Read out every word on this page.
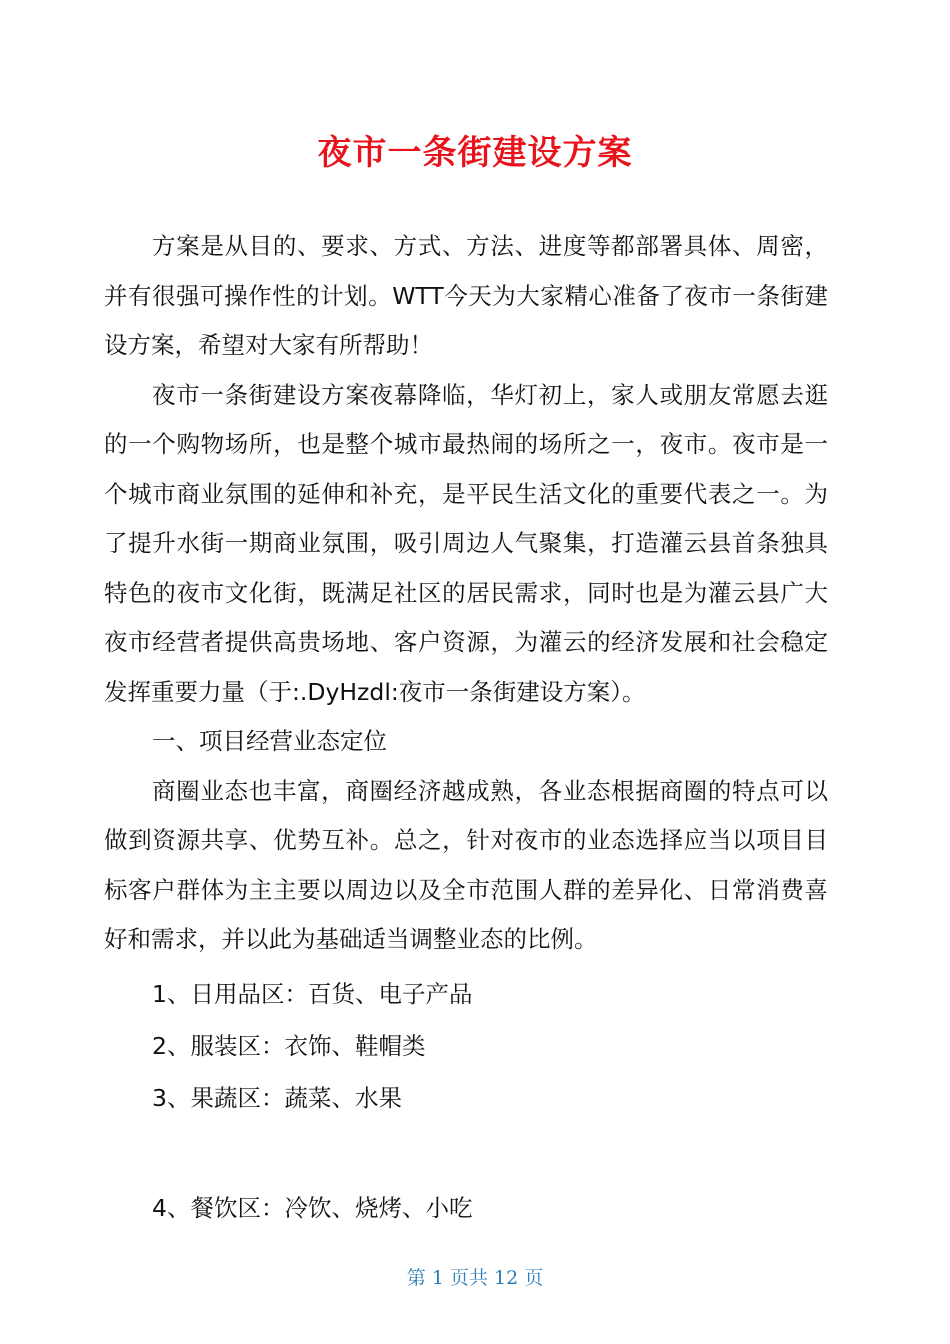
夜市一条街建设方案

方案是从目的、要求、方式、方法、进度等都部署具体、周密，并有很强可操作性的计划。WTT今天为大家精心准备了夜市一条街建设方案，希望对大家有所帮助！

夜市一条街建设方案夜幕降临，华灯初上，家人或朋友常愿去逛的一个购物场所，也是整个城市最热闹的场所之一，夜市。夜市是一个城市商业氛围的延伸和补充，是平民生活文化的重要代表之一。为了提升水街一期商业氛围，吸引周边人气聚集，打造灌云县首条独具特色的夜市文化街，既满足社区的居民需求，同时也是为灌云县广大夜市经营者提供高贵场地、客户资源，为灌云的经济发展和社会稳定发挥重要力量（于:.DyHzdl:夜市一条街建设方案）。

一、项目经营业态定位

商圈业态也丰富，商圈经济越成熟，各业态根据商圈的特点可以做到资源共享、优势互补。总之，针对夜市的业态选择应当以项目目标客户群体为主主要以周边以及全市范围人群的差异化、日常消费喜好和需求，并以此为基础适当调整业态的比例。

1、日用品区：百货、电子产品
2、服装区：衣饰、鞋帽类
3、果蔬区：蔬菜、水果
4、餐饮区：冷饮、烧烤、小吃
第 1 页共 12 页
